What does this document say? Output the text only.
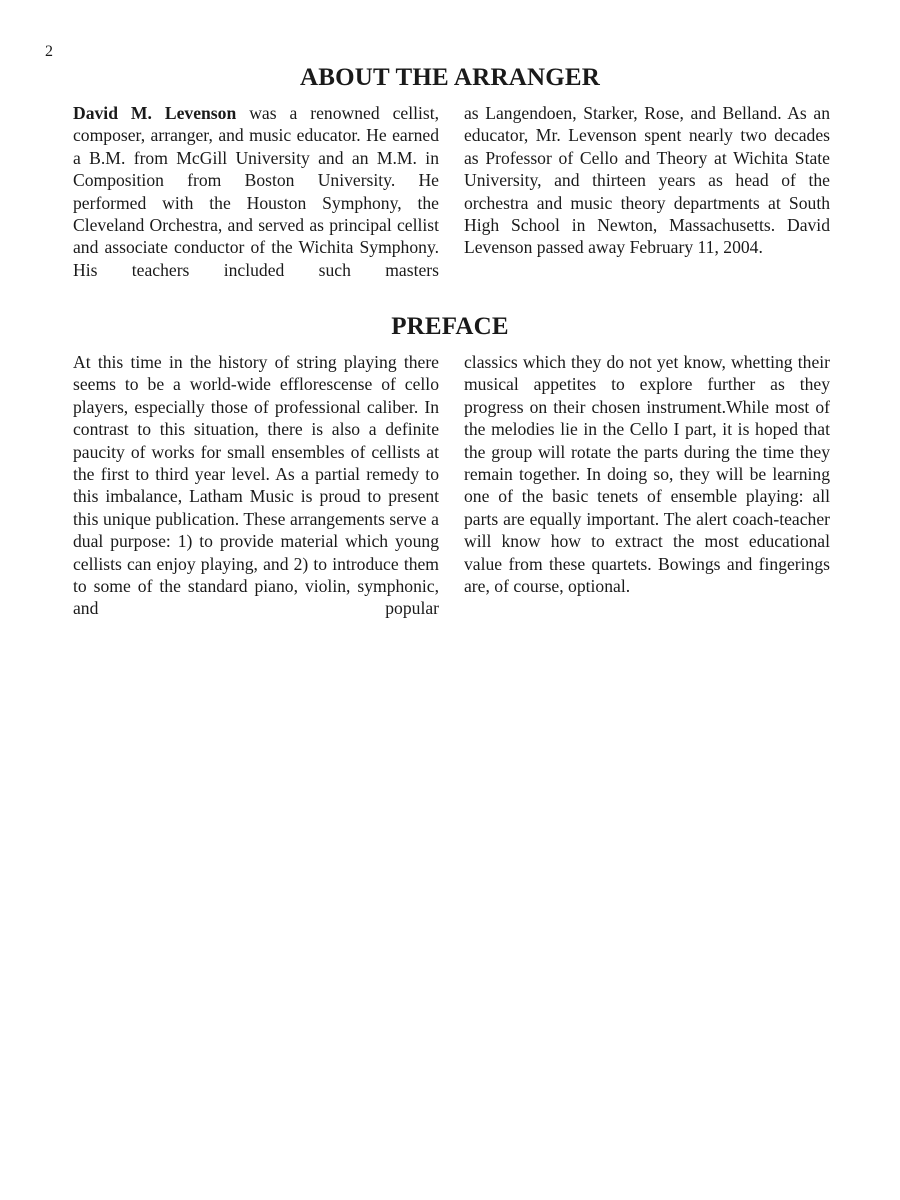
2
ABOUT THE ARRANGER

David M. Levenson was a renowned cellist, composer, arranger, and music educator. He earned a B.M. from McGill University and an M.M. in Composition from Boston University. He performed with the Houston Symphony, the Cleveland Orchestra, and served as principal cellist and associate conductor of the Wichita Symphony. His teachers included such masters

as Langendoen, Starker, Rose, and Belland. As an educator, Mr. Levenson spent nearly two decades as Professor of Cello and Theory at Wichita State University, and thirteen years as head of the orchestra and music theory departments at South High School in Newton, Massachusetts. David Levenson passed away February 11, 2004.

PREFACE

At this time in the history of string playing there seems to be a world-wide efflorescense of cello players, especially those of professional caliber. In contrast to this situation, there is also a definite paucity of works for small ensembles of cellists at the first to third year level. As a partial remedy to this imbalance, Latham Music is proud to present this unique publication. These arrangements serve a dual purpose: 1) to provide material which young cellists can enjoy playing, and 2) to introduce them to some of the standard piano, violin, symphonic, and popular

classics which they do not yet know, whetting their musical appetites to explore further as they progress on their chosen instrument.While most of the melodies lie in the Cello I part, it is hoped that the group will rotate the parts during the time they remain together. In doing so, they will be learning one of the basic tenets of ensemble playing: all parts are equally important. The alert coach-teacher will know how to extract the most educational value from these quartets. Bowings and fingerings are, of course, optional.
